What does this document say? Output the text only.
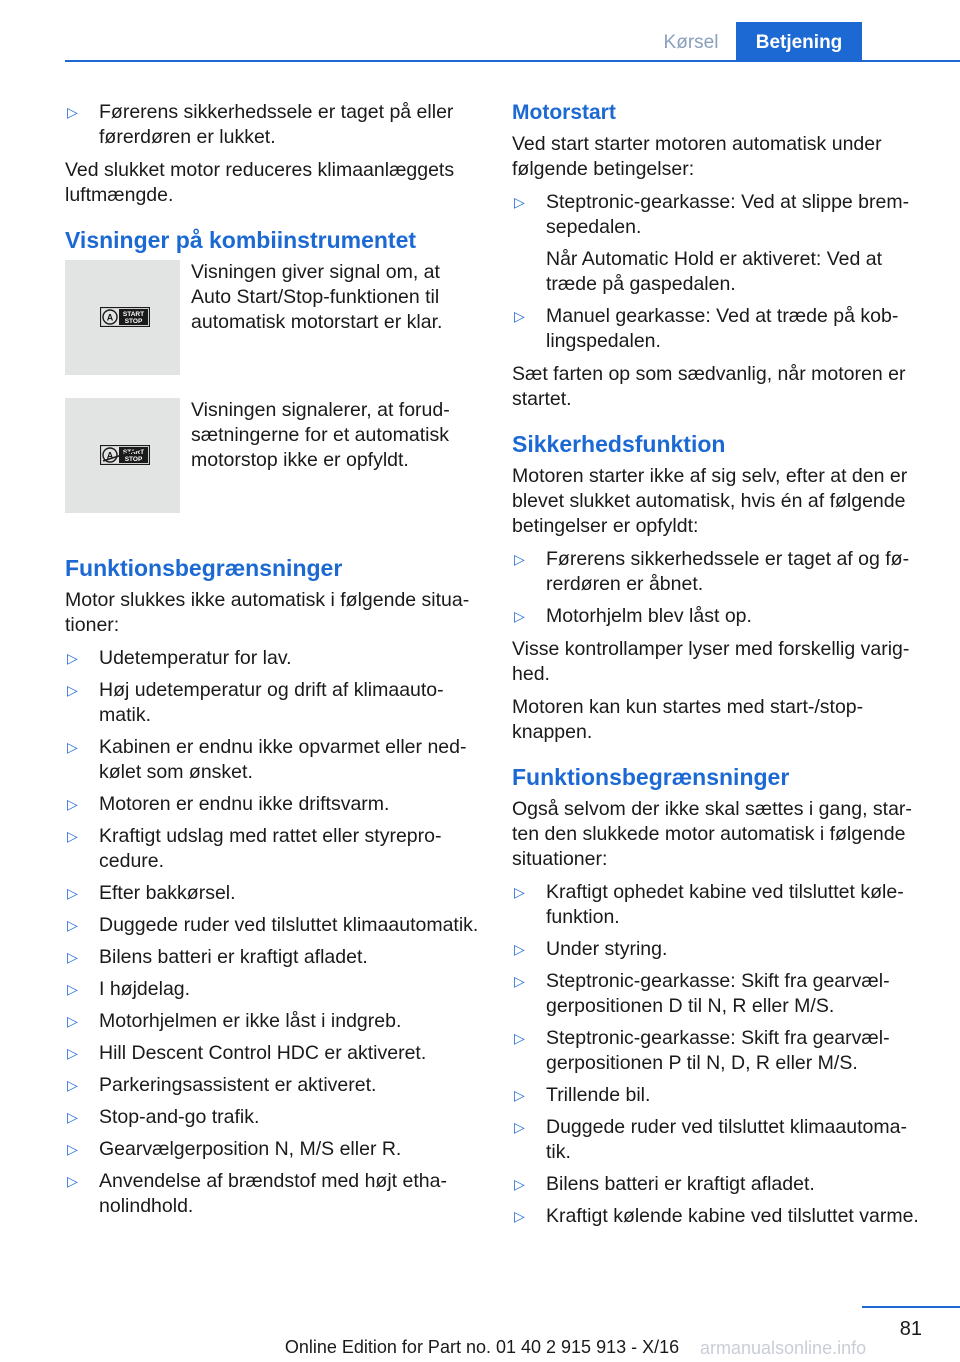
Kørsel	Betjening
▷ Førerens sikkerhedssele er taget på eller førerdøren er lukket.

Ved slukket motor reduceres klimaanlæggets luftmængde.

Visninger på kombiinstrumentet
A START
STOP

Visningen giver signal om, at Auto Start/Stop-funktionen til automatisk motorstart er klar.

A START
STOP

Visningen signalerer, at forudsætningerne for et automatisk motorstop ikke er opfyldt.

Funktionsbegrænsninger

Motor slukkes ikke automatisk i følgende situationer:

▷ Udetemperatur for lav.
▷ Høj udetemperatur og drift af klimaautomatik.
▷ Kabinen er endnu ikke opvarmet eller nedkølet som ønsket.
▷ Motoren er endnu ikke driftsvarm.
▷ Kraftigt udslag med rattet eller styreprocedure.
▷ Efter bakkørsel.
▷ Duggede ruder ved tilsluttet klimaautomatik.
▷ Bilens batteri er kraftigt afladet.
▷ I højdelag.
▷ Motorhjelmen er ikke låst i indgreb.
▷ Hill Descent Control HDC er aktiveret.
▷ Parkeringsassistent er aktiveret.
▷ Stop-and-go trafik.
▷ Gearvælgerposition N, M/S eller R.
▷ Anvendelse af brændstof med højt ethanolindhold.
Motorstart

Ved start starter motoren automatisk under følgende betingelser:

▷ Steptronic-gearkasse: Ved at slippe bremsepedalen.
Når Automatic Hold er aktiveret: Ved at træde på gaspedalen.
▷ Manuel gearkasse: Ved at træde på koblingspedalen.

Sæt farten op som sædvanlig, når motoren er startet.

Sikkerhedsfunktion

Motoren starter ikke af sig selv, efter at den er blevet slukket automatisk, hvis én af følgende betingelser er opfyldt:

▷ Førerens sikkerhedssele er taget af og førerdøren er åbnet.
▷ Motorhjelm blev låst op.

Visse kontrollamper lyser med forskellig varighed.

Motoren kan kun startes med start-/stop-knappen.

Funktionsbegrænsninger

Også selvom der ikke skal sættes i gang, starten den slukkede motor automatisk i følgende situationer:

▷ Kraftigt ophedet kabine ved tilsluttet kølefunktion.
▷ Under styring.
▷ Steptronic-gearkasse: Skift fra gearvælgerpositionen D til N, R eller M/S.
▷ Steptronic-gearkasse: Skift fra gearvælgerpositionen P til N, D, R eller M/S.
▷ Trillende bil.
▷ Duggede ruder ved tilsluttet klimaautomatik.
▷ Bilens batteri er kraftigt afladet.
▷ Kraftigt kølende kabine ved tilsluttet varme.
81
Online Edition for Part no. 01 40 2 915 913 - X/16	armanualsonline.info
